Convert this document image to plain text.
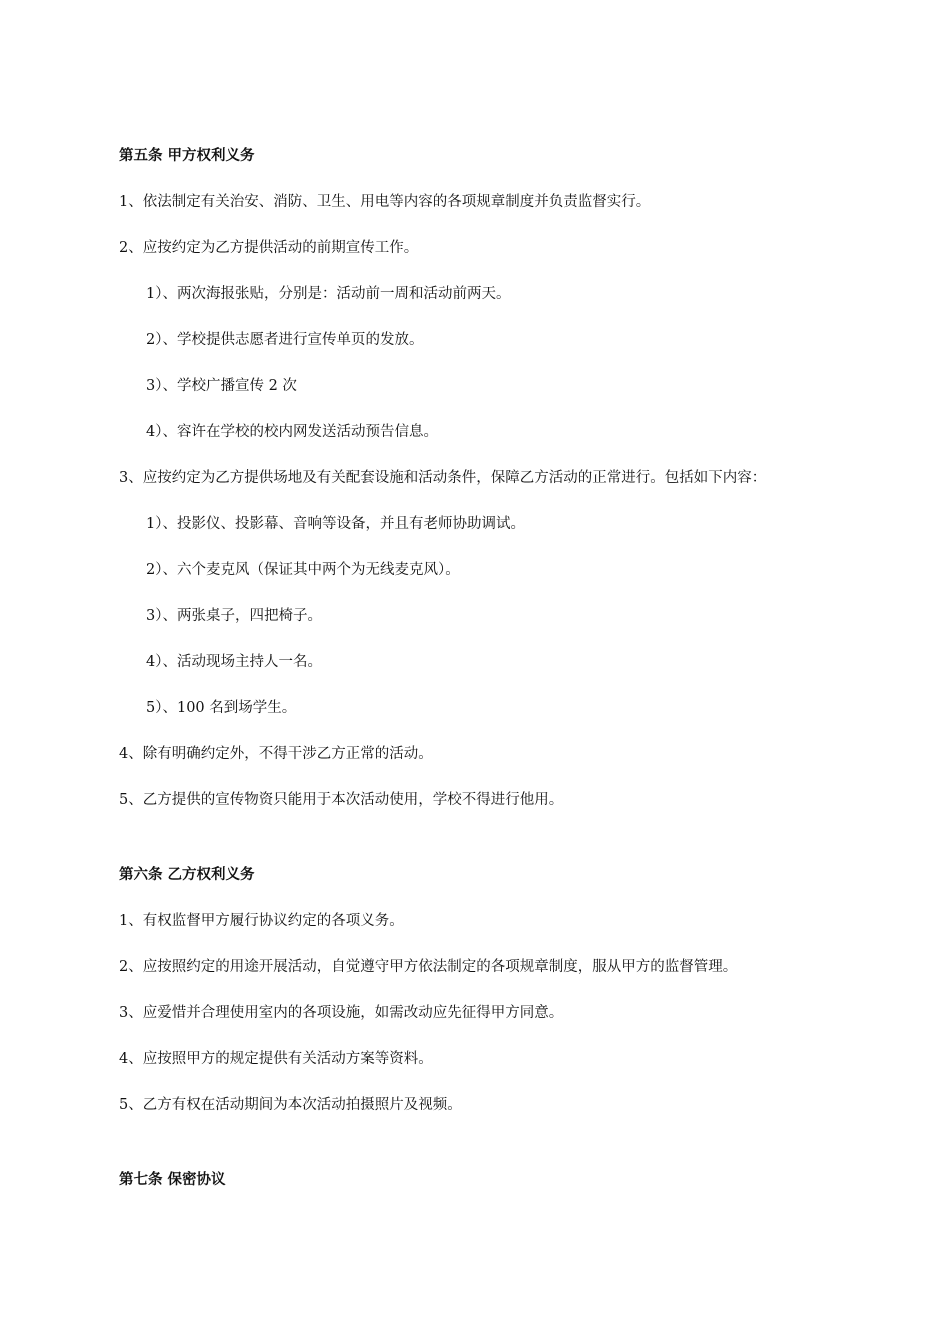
第五条 甲方权利义务
1、依法制定有关治安、消防、卫生、用电等内容的各项规章制度并负责监督实行。
2、应按约定为乙方提供活动的前期宣传工作。
1）、两次海报张贴，分别是：活动前一周和活动前两天。
2）、学校提供志愿者进行宣传单页的发放。
3）、学校广播宣传 2 次
4）、容许在学校的校内网发送活动预告信息。
3、应按约定为乙方提供场地及有关配套设施和活动条件，保障乙方活动的正常进行。包括如下内容：
1）、投影仪、投影幕、音响等设备，并且有老师协助调试。
2）、六个麦克风（保证其中两个为无线麦克风）。
3）、两张桌子，四把椅子。
4）、活动现场主持人一名。
5）、100 名到场学生。
4、除有明确约定外，不得干涉乙方正常的活动。
5、乙方提供的宣传物资只能用于本次活动使用，学校不得进行他用。
第六条 乙方权利义务
1、有权监督甲方履行协议约定的各项义务。
2、应按照约定的用途开展活动，自觉遵守甲方依法制定的各项规章制度，服从甲方的监督管理。
3、应爱惜并合理使用室内的各项设施，如需改动应先征得甲方同意。
4、应按照甲方的规定提供有关活动方案等资料。
5、乙方有权在活动期间为本次活动拍摄照片及视频。
第七条 保密协议
